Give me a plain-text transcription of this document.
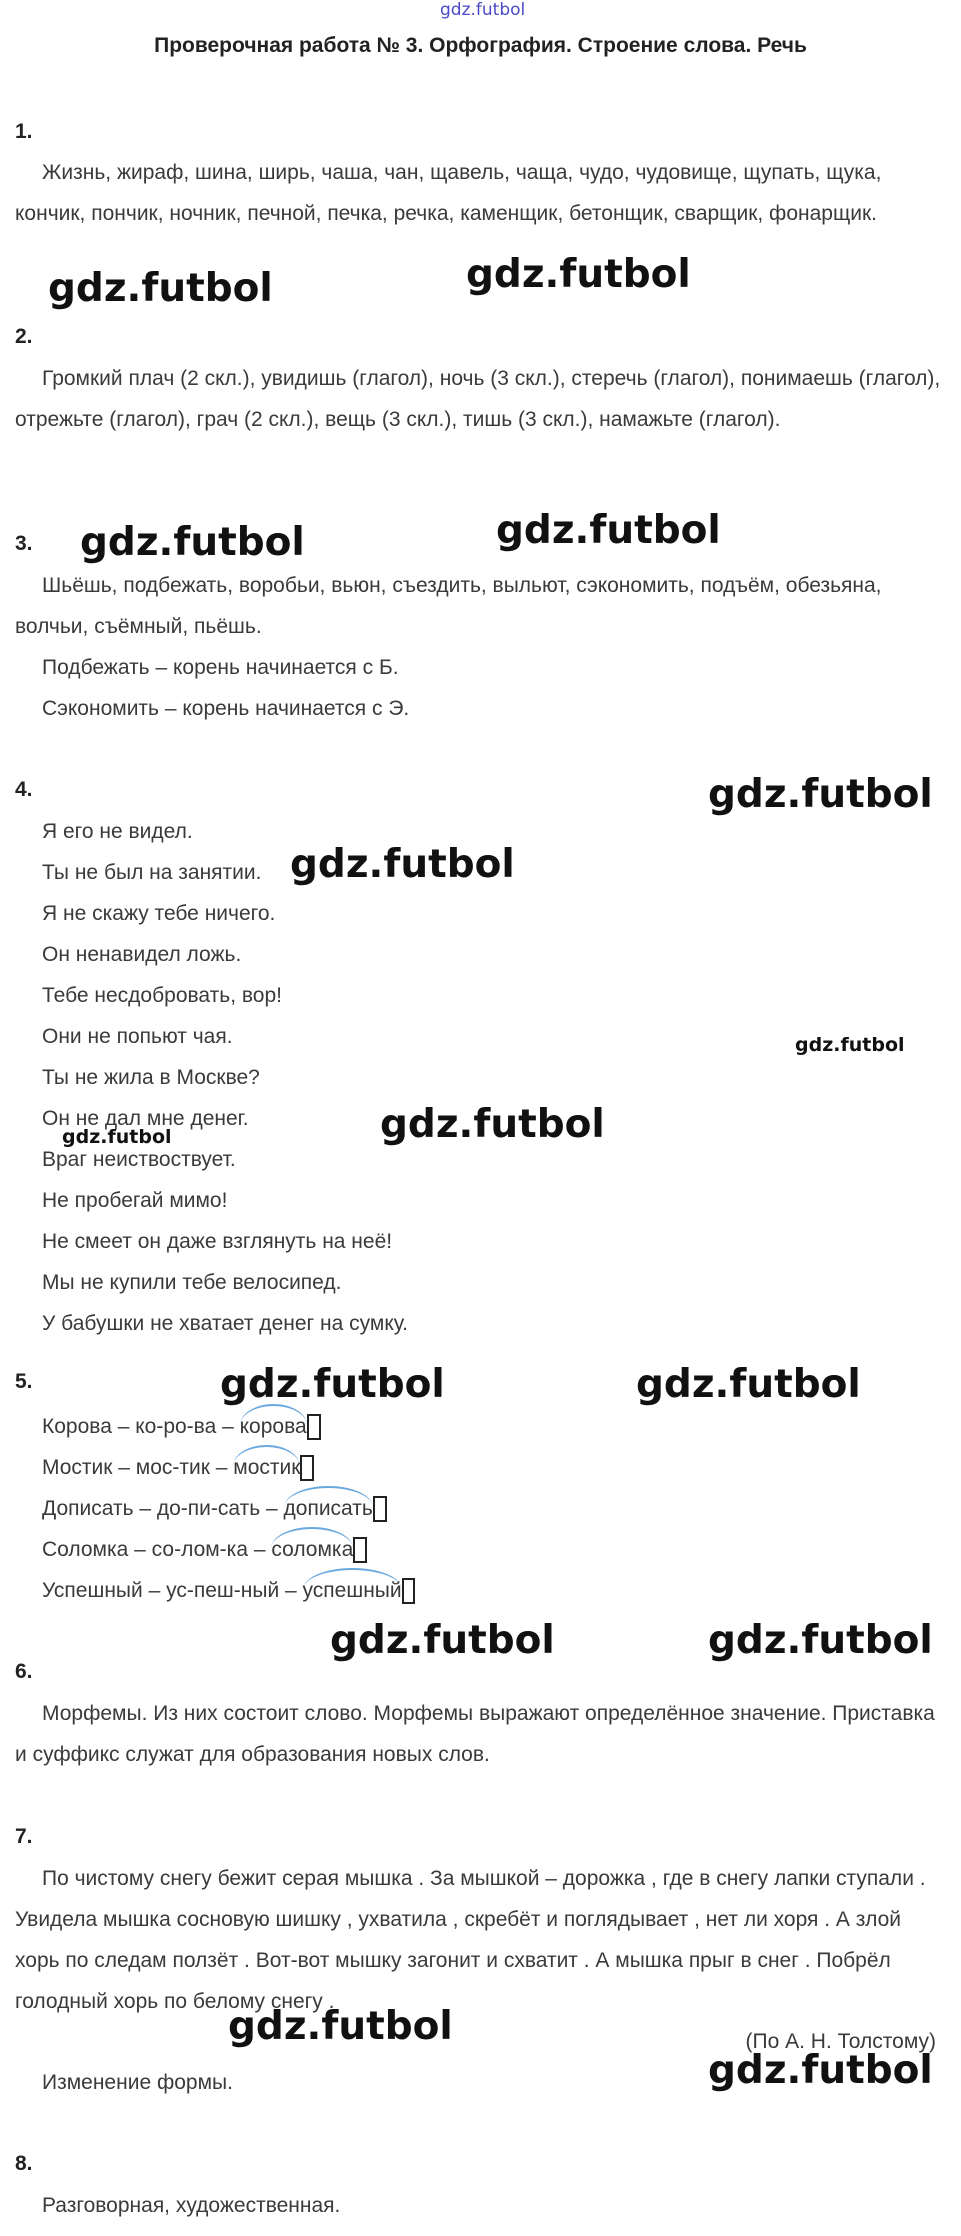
gdz.futbol
Проверочная работа № 3. Орфография. Строение слова. Речь
1.
Жизнь, жираф, шина, ширь, чаша, чан, щавель, чаща, чудо, чудовище, щупать, щука, кончик, пончик, ночник, печной, печка, речка, каменщик, бетонщик, сварщик, фонарщик.
gdz.futbol	gdz.futbol
2.
Громкий плач (2 скл.), увидишь (глагол), ночь (3 скл.), стеречь (глагол), понимаешь (глагол), отрежьте (глагол), грач (2 скл.), вещь (3 скл.), тишь (3 скл.), намажьте (глагол).
3. gdz.futbol	gdz.futbol
Шьёшь, подбежать, воробьи, вьюн, съездить, выльют, сэкономить, подъём, обезьяна, волчьи, съёмный, пьёшь.
Подбежать – корень начинается с Б.
Сэкономить – корень начинается с Э.
4.	gdz.futbol
Я его не видел.
Ты не был на занятии.
Я не скажу тебе ничего.
Он ненавидел ложь.
Тебе несдобровать, вор!
Они не попьют чая.
Ты не жила в Москве?
Он не дал мне денег.
Враг неиствоствует.
Не пробегай мимо!
Не смеет он даже взглянуть на неё!
Мы не купили тебе велосипед.
У бабушки не хватает денег на сумку.
gdz.futbol
gdz.futbol
gdz.futbol
gdz.futbol
5.	gdz.futbol	gdz.futbol
Корова – ко-ро-ва – корова
Мостик – мос-тик – мостик
Дописать – до-пи-сать – дописать
Соломка – со-лом-ка – соломка
Успешный – ус-пеш-ный – успешный
gdz.futbol	gdz.futbol
6.
Морфемы. Из них состоит слово. Морфемы выражают определённое значение. Приставка и суффикс служат для образования новых слов.
7.
По чистому снегу бежит серая мышка . За мышкой – дорожка , где в снегу лапки ступали . Увидела мышка сосновую шишку , ухватила , скребёт и поглядывает , нет ли хоря . А злой хорь по следам ползёт . Вот-вот мышку загонит и схватит . А мышка прыг в снег . Побрёл голодный хорь по белому снегу .
gdz.futbol	(По А. Н. Толстому)
gdz.futbol
Изменение формы.
8.
Разговорная, художественная.
